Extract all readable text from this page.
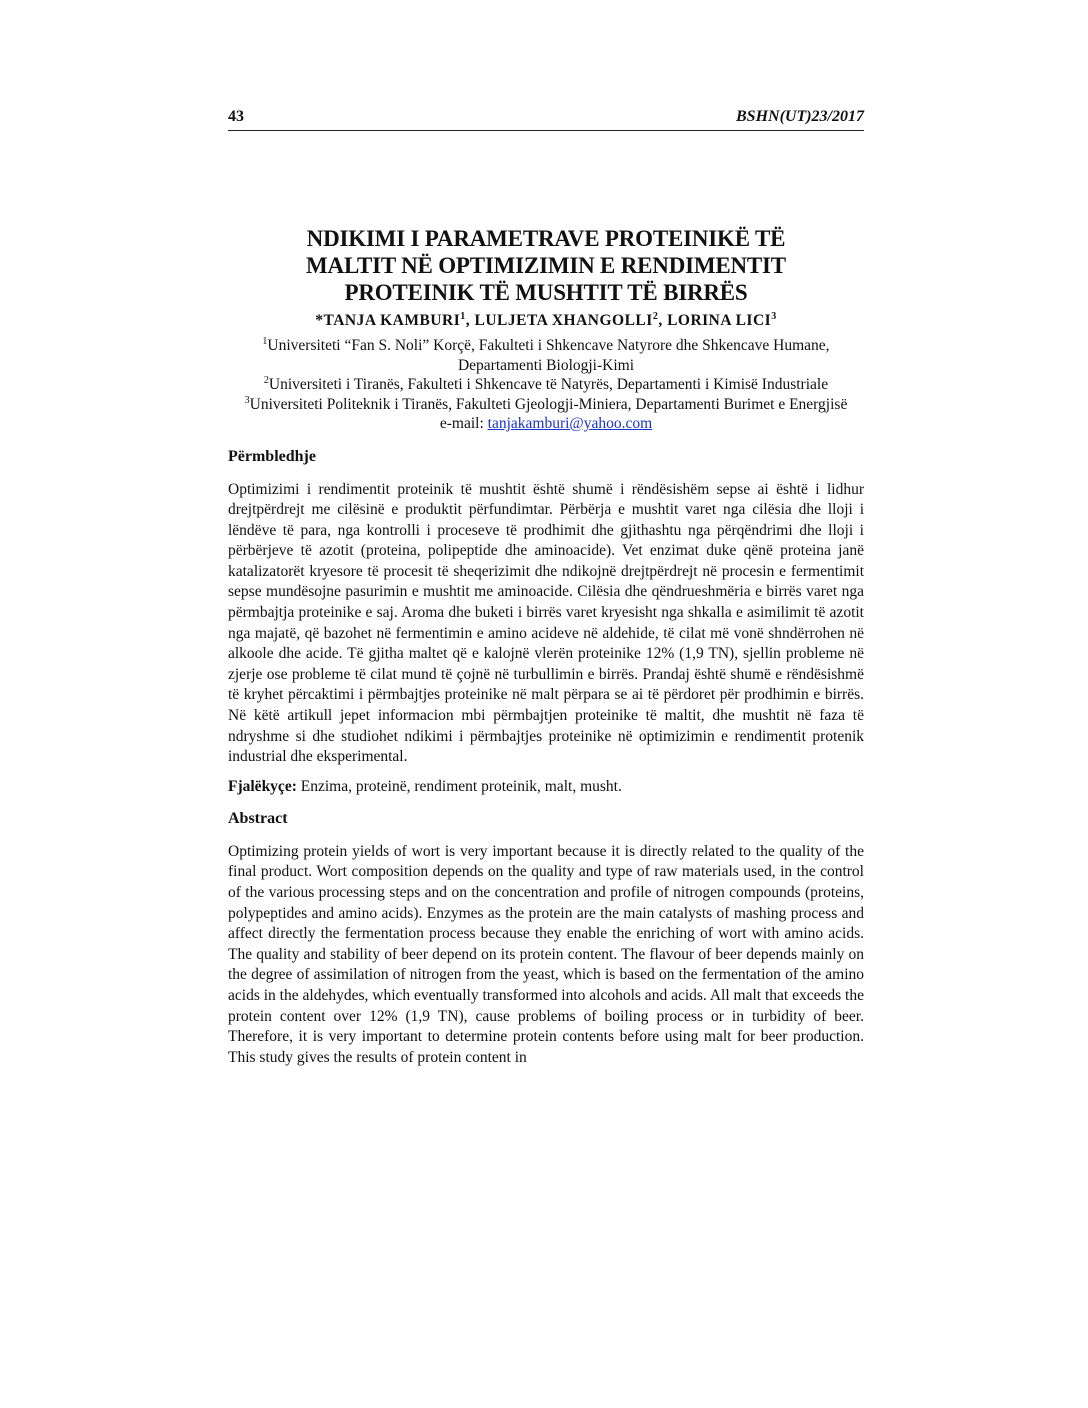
43	BSHN(UT)23/2017
NDIKIMI I PARAMETRAVE PROTEINIKË TË
MALTIT NË OPTIMIZIMIN E RENDIMENTIT
PROTEINIK TË MUSHTIT TË BIRRËS
*TANJA KAMBURI$^1$, LULJETA XHANGOLLI$^2$, LORINA LICI$^3$
$^1$Universiteti “Fan S. Noli” Korçë, Fakulteti i Shkencave Natyrore dhe Shkencave Humane, Departamenti Biologji-Kimi
$^2$Universiteti i Tiranës, Fakulteti i Shkencave të Natyrës, Departamenti i Kimisë Industriale
$^3$Universiteti Politeknik i Tiranës, Fakulteti Gjeologji-Miniera, Departamenti Burimet e Energjisë
e-mail: tanjakamburi@yahoo.com
Përmbledhje
Optimizimi i rendimentit proteinik të mushtit është shumë i rëndësishëm sepse ai është i lidhur drejtpërdrejt me cilësinë e produktit përfundimtar. Përbërja e mushtit varet nga cilësia dhe lloji i lëndëve të para, nga kontrolli i proceseve të prodhimit dhe gjithashtu nga përqëndrimi dhe lloji i përbërjeve të azotit (proteina, polipeptide dhe aminoacide). Vet enzimat duke qënë proteina janë katalizatorët kryesore të procesit të sheqerizimit dhe ndikojnë drejtpërdrejt në procesin e fermentimit sepse mundësojne pasurimin e mushtit me aminoacide. Cilësia dhe qëndrueshmëria e birrës varet nga përmbajtja proteinike e saj. Aroma dhe buketi i birrës varet kryesisht nga shkalla e asimilimit të azotit nga majatë, që bazohet në fermentimin e amino acideve në aldehide, të cilat më vonë shndërrohen në alkoole dhe acide. Të gjitha maltet që e kalojnë vlerën proteinike 12% (1,9 TN), sjellin probleme në zjerje ose probleme të cilat mund të çojnë në turbullimin e birrës. Prandaj është shumë e rëndësishmë të kryhet përcaktimi i përmbajtjes proteinike në malt përpara se ai të përdoret për prodhimin e birrës. Në këtë artikull jepet informacion mbi përmbajtjen proteinike të maltit, dhe mushtit në faza të ndryshme si dhe studiohet ndikimi i përmbajtjes proteinike në optimizimin e rendimentit protenik industrial dhe eksperimental.
Fjalëkyçe: Enzima, proteinë, rendiment proteinik, malt, musht.
Abstract
Optimizing protein yields of wort is very important because it is directly related to the quality of the final product. Wort composition depends on the quality and type of raw materials used, in the control of the various processing steps and on the concentration and profile of nitrogen compounds (proteins, polypeptides and amino acids). Enzymes as the protein are the main catalysts of mashing process and affect directly the fermentation process because they enable the enriching of wort with amino acids. The quality and stability of beer depend on its protein content. The flavour of beer depends mainly on the degree of assimilation of nitrogen from the yeast, which is based on the fermentation of the amino acids in the aldehydes, which eventually transformed into alcohols and acids. All malt that exceeds the protein content over 12% (1,9 TN), cause problems of boiling process or in turbidity of beer. Therefore, it is very important to determine protein contents before using malt for beer production. This study gives the results of protein content in
